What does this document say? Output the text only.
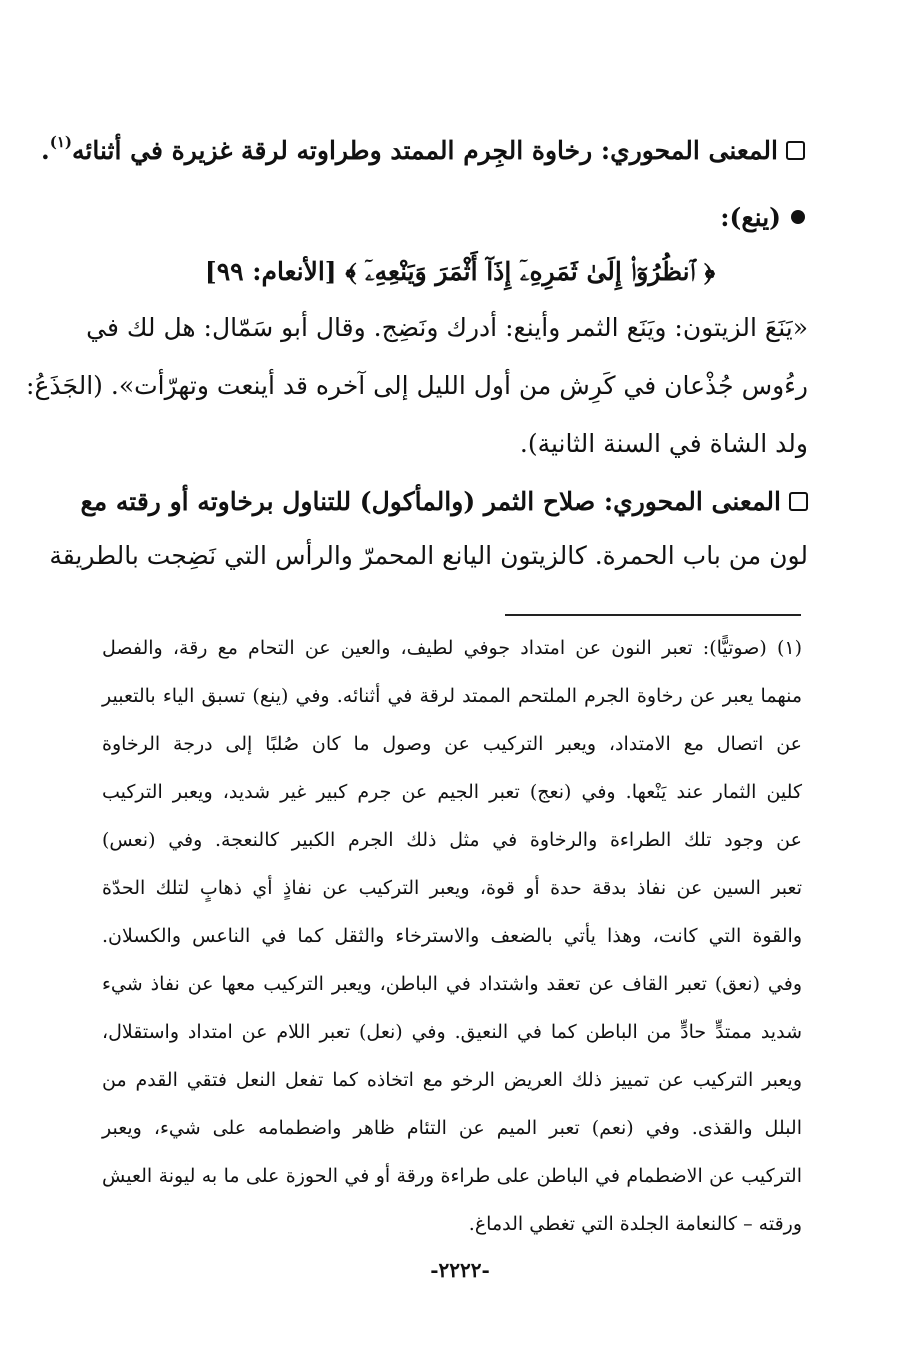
المعنى المحوري: رخاوة الجِرم الممتد وطراوته لرقة غزيرة في أثنائه$^{(١)}$.
(ينع):
﴿ ٱنظُرُوٓا۟ إِلَىٰ ثَمَرِهِۦٓ إِذَآ أَثْمَرَ وَيَنْعِهِۦٓ ﴾ [الأنعام: ٩٩]
«يَنَعَ الزيتون: ويَنَع الثمر وأينع: أدرك ونَضِج. وقال أبو سَمّال: هل لك في
رءُوس جُذْعان في كَرِش من أول الليل إلى آخره قد أينعت وتهرّأت». (الجَذَعُ:
ولد الشاة في السنة الثانية).
المعنى المحوري: صلاح الثمر (والمأكول) للتناول برخاوته أو رقته مع
لون من باب الحمرة. كالزيتون اليانع المحمرّ والرأس التي نَضِجت بالطريقة
(١) (صوتيًّا): تعبر النون عن امتداد جوفي لطيف، والعين عن التحام مع رقة، والفصل
منهما يعبر عن رخاوة الجرم الملتحم الممتد لرقة في أثنائه. وفي (ينع) تسبق الياء بالتعبير
عن اتصال مع الامتداد، ويعبر التركيب عن وصول ما كان صُلبًا إلى درجة الرخاوة
كلين الثمار عند يَنْعها. وفي (نعج) تعبر الجيم عن جرم كبير غير شديد، ويعبر التركيب
عن وجود تلك الطراءة والرخاوة في مثل ذلك الجرم الكبير كالنعجة. وفي (نعس)
تعبر السين عن نفاذ بدقة حدة أو قوة، ويعبر التركيب عن نفاذٍ أي ذهابٍ لتلك الحدّة
والقوة التي كانت، وهذا يأتي بالضعف والاسترخاء والثقل كما في الناعس والكسلان.
وفي (نعق) تعبر القاف عن تعقد واشتداد في الباطن، ويعبر التركيب معها عن نفاذ شيء
شديد ممتدٍّ حادٍّ من الباطن كما في النعيق. وفي (نعل) تعبر اللام عن امتداد واستقلال،
ويعبر التركيب عن تمييز ذلك العريض الرخو مع اتخاذه كما تفعل النعل فتقي القدم من
البلل والقذى. وفي (نعم) تعبر الميم عن التئام ظاهر واضطمامه على شيء، ويعبر
التركيب عن الاضطمام في الباطن على طراءة ورقة أو في الحوزة على ما به ليونة العيش
ورقته – كالنعامة الجلدة التي تغطي الدماغ.
-٢٢٢٢-
